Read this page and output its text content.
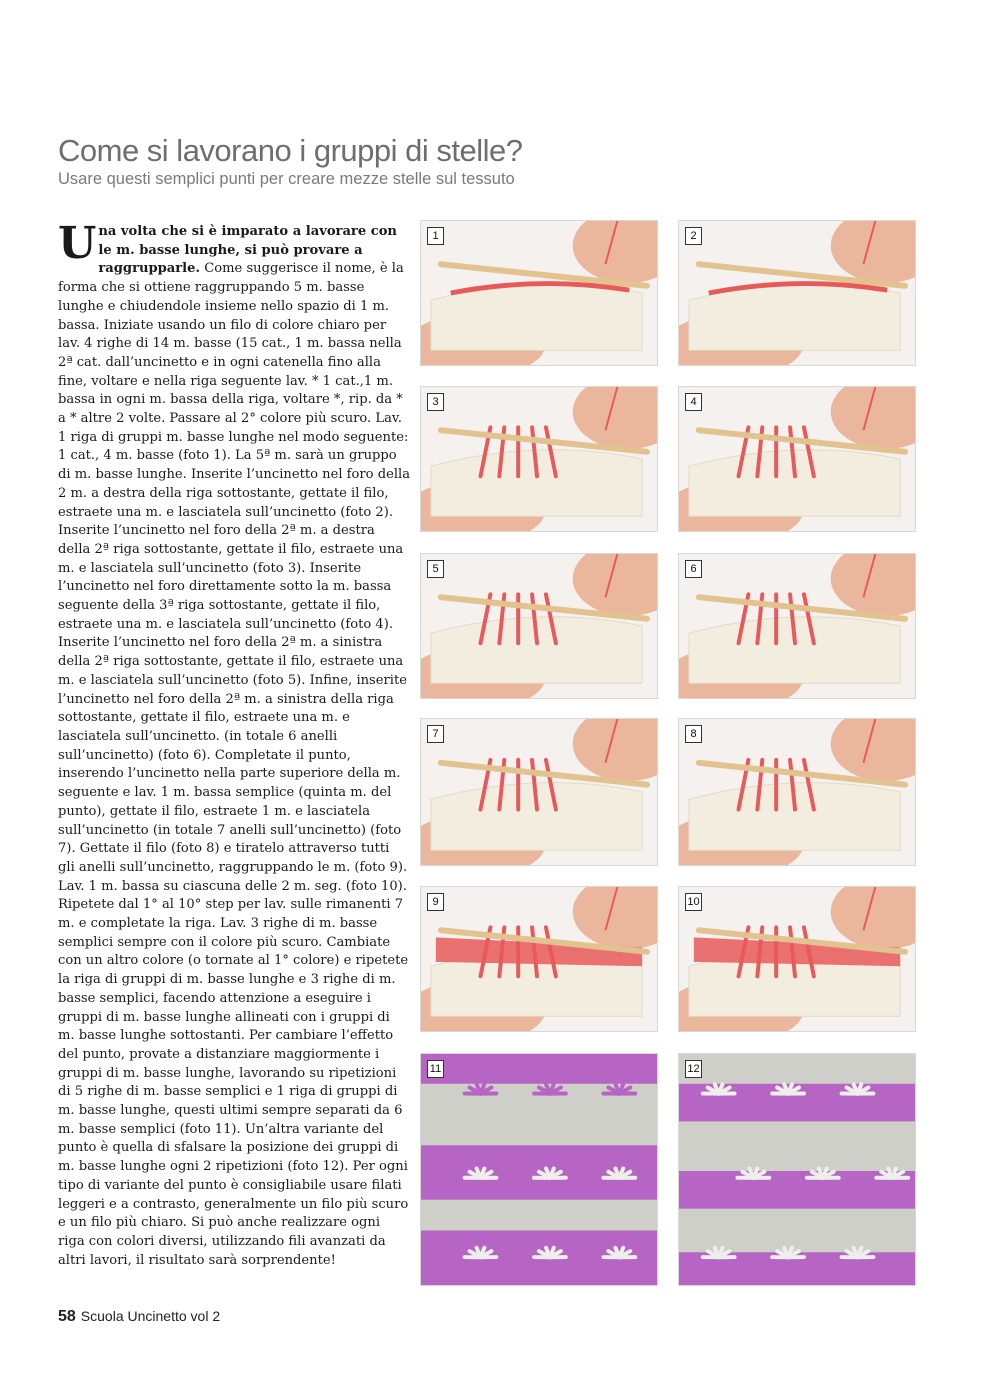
Come si lavorano i gruppi di stelle?
Usare questi semplici punti per creare mezze stelle sul tessuto

Una volta che si è imparato a lavorare con le m. basse lunghe, si può provare a raggrupparle. Come suggerisce il nome, è la forma che si ottiene raggruppando 5 m. basse lunghe e chiudendole insieme nello spazio di 1 m. bassa. Iniziate usando un filo di colore chiaro per lav. 4 righe di 14 m. basse (15 cat., 1 m. bassa nella 2ª cat. dall’uncinetto e in ogni catenella fino alla fine, voltare e nella riga seguente lav. * 1 cat.,1 m. bassa in ogni m. bassa della riga, voltare *, rip. da * a * altre 2 volte. Passare al 2° colore più scuro. Lav. 1 riga di gruppi m. basse lunghe nel modo seguente: 1 cat., 4 m. basse (foto 1). La 5ª m. sarà un gruppo di m. basse lunghe. Inserite l’uncinetto nel foro della 2 m. a destra della riga sottostante, gettate il filo, estraete una m. e lasciatela sull’uncinetto (foto 2). Inserite l’uncinetto nel foro della 2ª m. a destra della 2ª riga sottostante, gettate il filo, estraete una m. e lasciatela sull’uncinetto (foto 3). Inserite l’uncinetto nel foro direttamente sotto la m. bassa seguente della 3ª riga sottostante, gettate il filo, estraete una m. e lasciatela sull’uncinetto (foto 4). Inserite l’uncinetto nel foro della 2ª m. a sinistra della 2ª riga sottostante, gettate il filo, estraete una m. e lasciatela sull’uncinetto (foto 5). Infine, inserite l’uncinetto nel foro della 2ª m. a sinistra della riga sottostante, gettate il filo, estraete una m. e lasciatela sull’uncinetto. (in totale 6 anelli sull’uncinetto) (foto 6). Completate il punto, inserendo l’uncinetto nella parte superiore della m. seguente e lav. 1 m. bassa semplice (quinta m. del punto), gettate il filo, estraete 1 m. e lasciatela sull’uncinetto (in totale 7 anelli sull’uncinetto) (foto 7). Gettate il filo (foto 8) e tiratelo attraverso tutti gli anelli sull’uncinetto, raggruppando le m. (foto 9). Lav. 1 m. bassa su ciascuna delle 2 m. seg. (foto 10). Ripetete dal 1° al 10° step per lav. sulle rimanenti 7 m. e completate la riga. Lav. 3 righe di m. basse semplici sempre con il colore più scuro. Cambiate con un altro colore (o tornate al 1° colore) e ripetete la riga di gruppi di m. basse lunghe e 3 righe di m. basse semplici, facendo attenzione a eseguire i gruppi di m. basse lunghe allineati con i gruppi di m. basse lunghe sottostanti. Per cambiare l’effetto del punto, provate a distanziare maggiormente i gruppi di m. basse lunghe, lavorando su ripetizioni di 5 righe di m. basse semplici e 1 riga di gruppi di m. basse lunghe, questi ultimi sempre separati da 6 m. basse semplici (foto 11). Un’altra variante del punto è quella di sfalsare la posizione dei gruppi di m. basse lunghe ogni 2 ripetizioni (foto 12). Per ogni tipo di variante del punto è consigliabile usare filati leggeri e a contrasto, generalmente un filo più scuro e un filo più chiaro. Si può anche realizzare ogni riga con colori diversi, utilizzando fili avanzati da altri lavori, il risultato sarà sorprendente!

1	2
3	4
5	6
7	8
9	10
11	12
58 Scuola Uncinetto vol 2
